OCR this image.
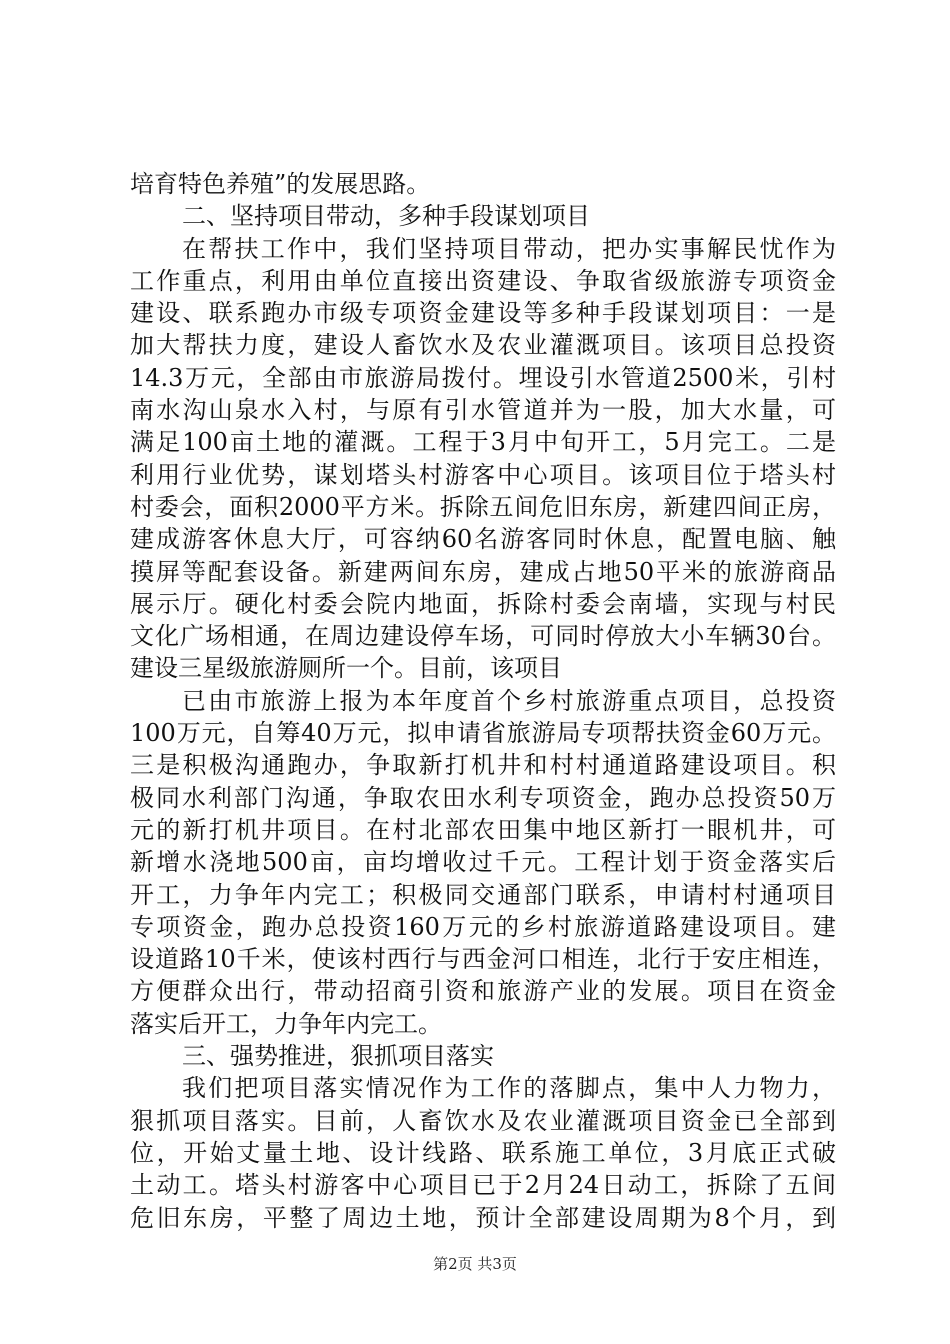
培育特色养殖”的发展思路。
二、坚持项目带动，多种手段谋划项目
在帮扶工作中，我们坚持项目带动，把办实事解民忧作为
工作重点，利用由单位直接出资建设、争取省级旅游专项资金
建设、联系跑办市级专项资金建设等多种手段谋划项目：一是
加大帮扶力度，建设人畜饮水及农业灌溉项目。该项目总投资
14.3万元，全部由市旅游局拨付。埋设引水管道2500米，引村
南水沟山泉水入村，与原有引水管道并为一股，加大水量，可
满足100亩土地的灌溉。工程于3月中旬开工，5月完工。二是
利用行业优势，谋划塔头村游客中心项目。该项目位于塔头村
村委会，面积2000平方米。拆除五间危旧东房，新建四间正房，
建成游客休息大厅，可容纳60名游客同时休息，配置电脑、触
摸屏等配套设备。新建两间东房，建成占地50平米的旅游商品
展示厅。硬化村委会院内地面，拆除村委会南墙，实现与村民
文化广场相通，在周边建设停车场，可同时停放大小车辆30台。
建设三星级旅游厕所一个。目前，该项目
已由市旅游上报为本年度首个乡村旅游重点项目，总投资
100万元，自筹40万元，拟申请省旅游局专项帮扶资金60万元。
三是积极沟通跑办，争取新打机井和村村通道路建设项目。积
极同水利部门沟通，争取农田水利专项资金，跑办总投资50万
元的新打机井项目。在村北部农田集中地区新打一眼机井，可
新增水浇地500亩，亩均增收过千元。工程计划于资金落实后
开工，力争年内完工；积极同交通部门联系，申请村村通项目
专项资金，跑办总投资160万元的乡村旅游道路建设项目。建
设道路10千米，使该村西行与西金河口相连，北行于安庄相连，
方便群众出行，带动招商引资和旅游产业的发展。项目在资金
落实后开工，力争年内完工。
三、强势推进，狠抓项目落实
我们把项目落实情况作为工作的落脚点，集中人力物力，
狠抓项目落实。目前，人畜饮水及农业灌溉项目资金已全部到
位，开始丈量土地、设计线路、联系施工单位，3月底正式破
土动工。塔头村游客中心项目已于2月24日动工，拆除了五间
危旧东房，平整了周边土地，预计全部建设周期为8个月，到
第2页 共3页
